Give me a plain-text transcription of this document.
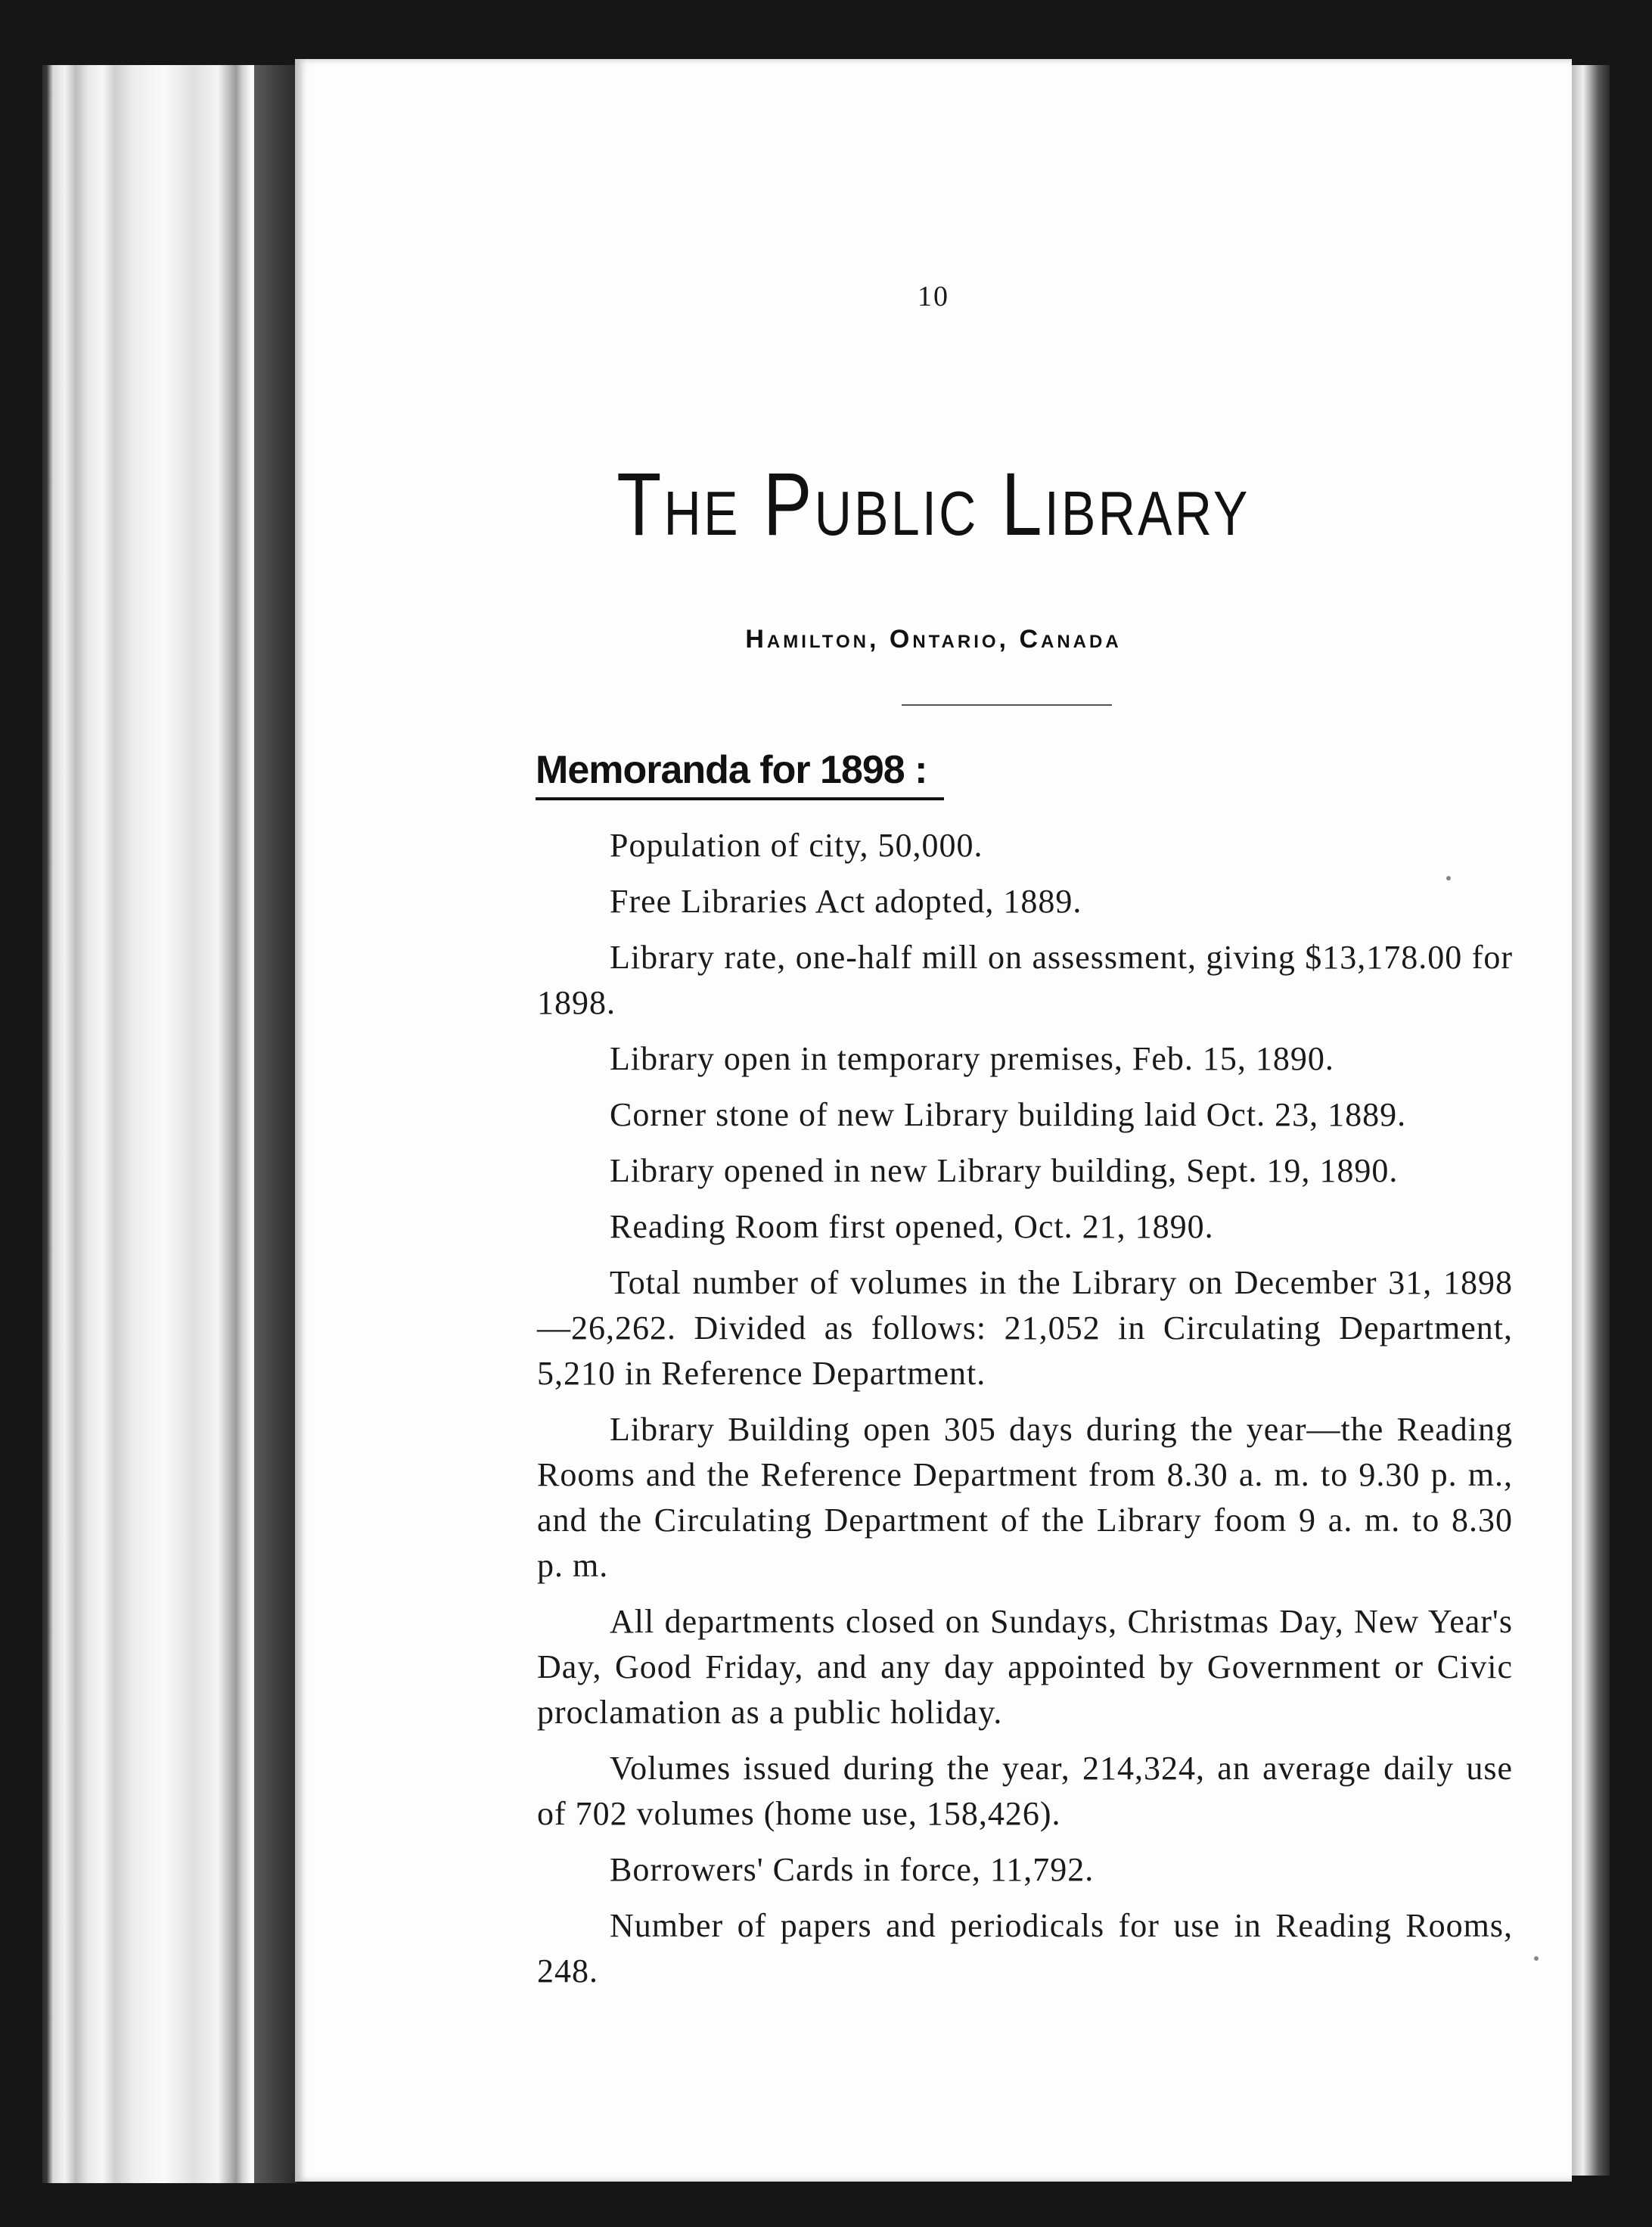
10
The Public Library
Hamilton, Ontario, Canada
Memoranda for 1898 :

Population of city, 50,000.

Free Libraries Act adopted, 1889.

Library rate, one-half mill on assessment, giving $13,178.00 for 1898.

Library open in temporary premises, Feb. 15, 1890.

Corner stone of new Library building laid Oct. 23, 1889.

Library opened in new Library building, Sept. 19, 1890.

Reading Room first opened, Oct. 21, 1890.

Total number of volumes in the Library on December 31, 1898—26,262. Divided as follows: 21,052 in Circulating Department, 5,210 in Reference Department.

Library Building open 305 days during the year—the Reading Rooms and the Reference Department from 8.30 a. m. to 9.30 p. m., and the Circulating Department of the Library foom 9 a. m. to 8.30 p. m.

All departments closed on Sundays, Christmas Day, New Year's Day, Good Friday, and any day appointed by Government or Civic proclamation as a public holiday.

Volumes issued during the year, 214,324, an average daily use of 702 volumes (home use, 158,426).

Borrowers' Cards in force, 11,792.

Number of papers and periodicals for use in Reading Rooms, 248.
